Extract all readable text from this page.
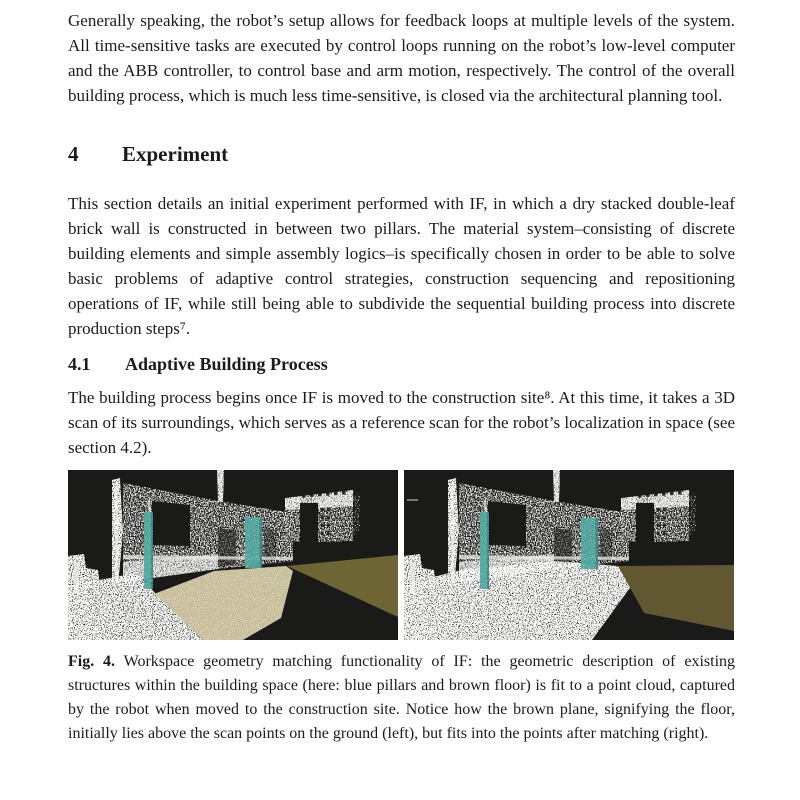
Generally speaking, the robot’s setup allows for feedback loops at multiple levels of the system. All time-sensitive tasks are executed by control loops running on the robot’s low-level computer and the ABB controller, to control base and arm motion, respectively. The control of the overall building process, which is much less time-sensitive, is closed via the architectural planning tool.

4 Experiment

This section details an initial experiment performed with IF, in which a dry stacked double-leaf brick wall is constructed in between two pillars. The material system–consisting of discrete building elements and simple assembly logics–is specifically chosen in order to be able to solve basic problems of adaptive control strategies, construction sequencing and repositioning operations of IF, while still being able to subdivide the sequential building process into discrete production steps⁷.

4.1 Adaptive Building Process

The building process begins once IF is moved to the construction site⁸. At this time, it takes a 3D scan of its surroundings, which serves as a reference scan for the robot’s localization in space (see section 4.2).

Fig. 4. Workspace geometry matching functionality of IF: the geometric description of existing structures within the building space (here: blue pillars and brown floor) is fit to a point cloud, captured by the robot when moved to the construction site. Notice how the brown plane, signifying the floor, initially lies above the scan points on the ground (left), but fits into the points after matching (right).
